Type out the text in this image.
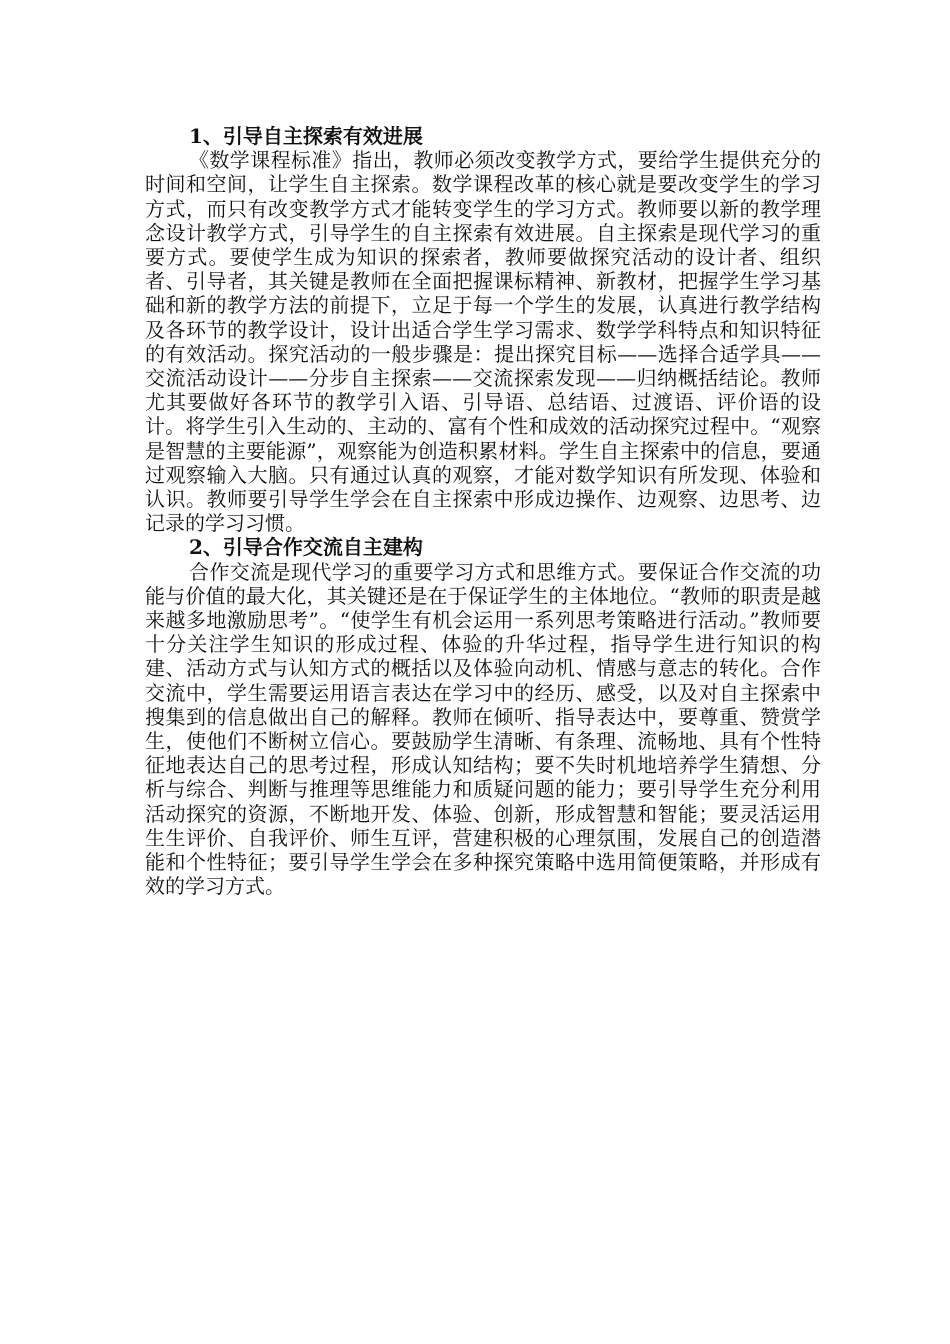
1、引导自主探索有效进展

《数学课程标准》指出，教师必须改变教学方式，要给学生提供充分的时间和空间，让学生自主探索。数学课程改革的核心就是要改变学生的学习方式，而只有改变教学方式才能转变学生的学习方式。教师要以新的教学理念设计教学方式，引导学生的自主探索有效进展。自主探索是现代学习的重要方式。要使学生成为知识的探索者，教师要做探究活动的设计者、组织者、引导者，其关键是教师在全面把握课标精神、新教材，把握学生学习基础和新的教学方法的前提下，立足于每一个学生的发展，认真进行教学结构及各环节的教学设计，设计出适合学生学习需求、数学学科特点和知识特征的有效活动。探究活动的一般步骤是：提出探究目标——选择合适学具——交流活动设计——分步自主探索——交流探索发现——归纳概括结论。教师尤其要做好各环节的教学引入语、引导语、总结语、过渡语、评价语的设计。将学生引入生动的、主动的、富有个性和成效的活动探究过程中。“观察是智慧的主要能源”，观察能为创造积累材料。学生自主探索中的信息，要通过观察输入大脑。只有通过认真的观察，才能对数学知识有所发现、体验和认识。教师要引导学生学会在自主探索中形成边操作、边观察、边思考、边记录的学习习惯。

2、引导合作交流自主建构

合作交流是现代学习的重要学习方式和思维方式。要保证合作交流的功能与价值的最大化，其关键还是在于保证学生的主体地位。“教师的职责是越来越多地激励思考”。“使学生有机会运用一系列思考策略进行活动。”教师要十分关注学生知识的形成过程、体验的升华过程，指导学生进行知识的构建、活动方式与认知方式的概括以及体验向动机、情感与意志的转化。合作交流中，学生需要运用语言表达在学习中的经历、感受，以及对自主探索中搜集到的信息做出自己的解释。教师在倾听、指导表达中，要尊重、赞赏学生，使他们不断树立信心。要鼓励学生清晰、有条理、流畅地、具有个性特征地表达自己的思考过程，形成认知结构；要不失时机地培养学生猜想、分析与综合、判断与推理等思维能力和质疑问题的能力；要引导学生充分利用活动探究的资源，不断地开发、体验、创新，形成智慧和智能；要灵活运用生生评价、自我评价、师生互评，营建积极的心理氛围，发展自己的创造潜能和个性特征；要引导学生学会在多种探究策略中选用简便策略，并形成有效的学习方式。
